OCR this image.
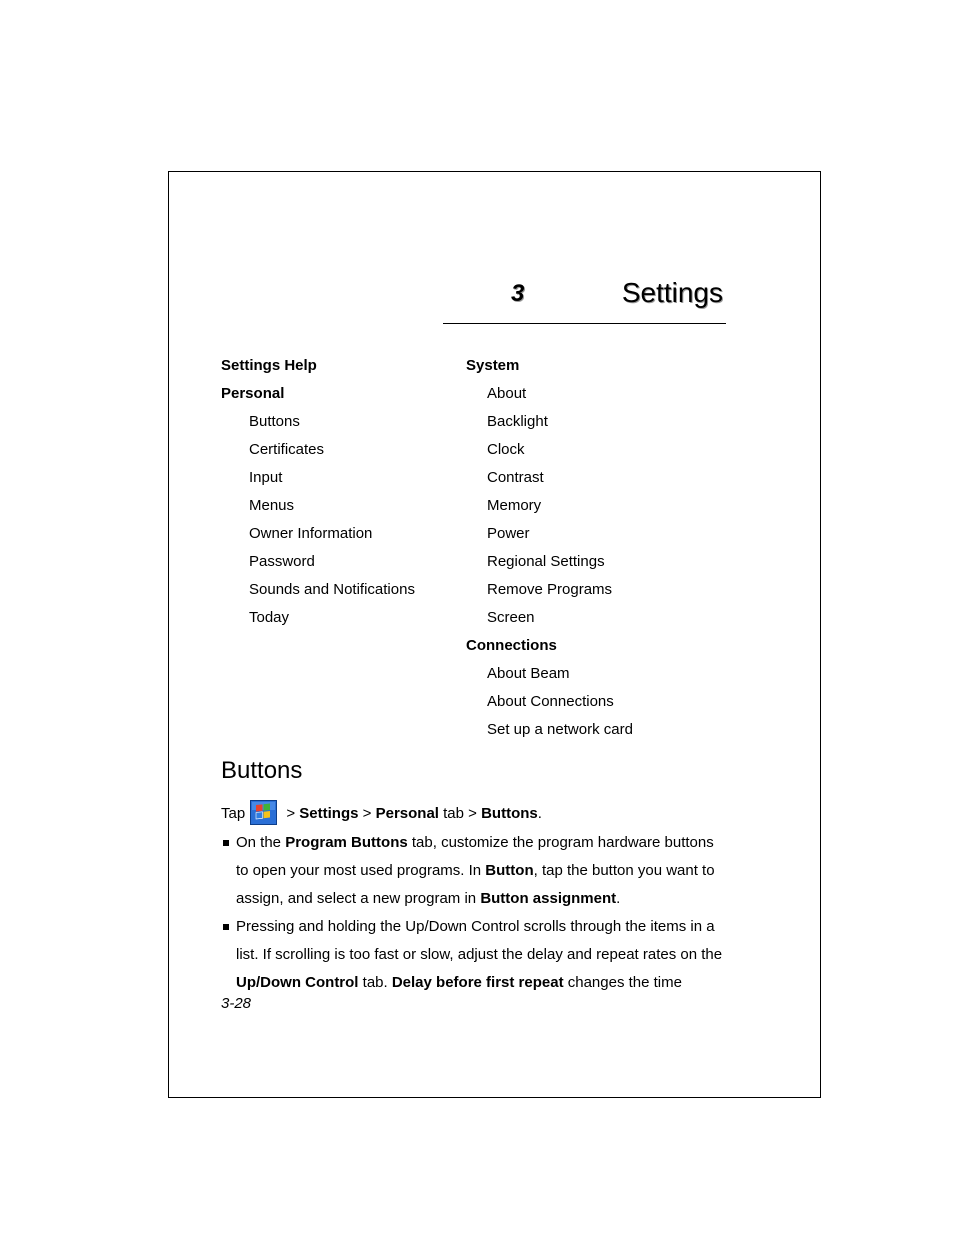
3	Settings
Settings Help
Personal
Buttons
Certificates
Input
Menus
Owner Information
Password
Sounds and Notifications
Today
System
About
Backlight
Clock
Contrast
Memory
Power
Regional Settings
Remove Programs
Screen
Connections
About Beam
About Connections
Set up a network card
Buttons
Tap > Settings > Personal tab > Buttons.
On the Program Buttons tab, customize the program hardware buttons to open your most used programs. In Button, tap the button you want to assign, and select a new program in Button assignment.
Pressing and holding the Up/Down Control scrolls through the items in a list. If scrolling is too fast or slow, adjust the delay and repeat rates on the Up/Down Control tab. Delay before first repeat changes the time
3-28
